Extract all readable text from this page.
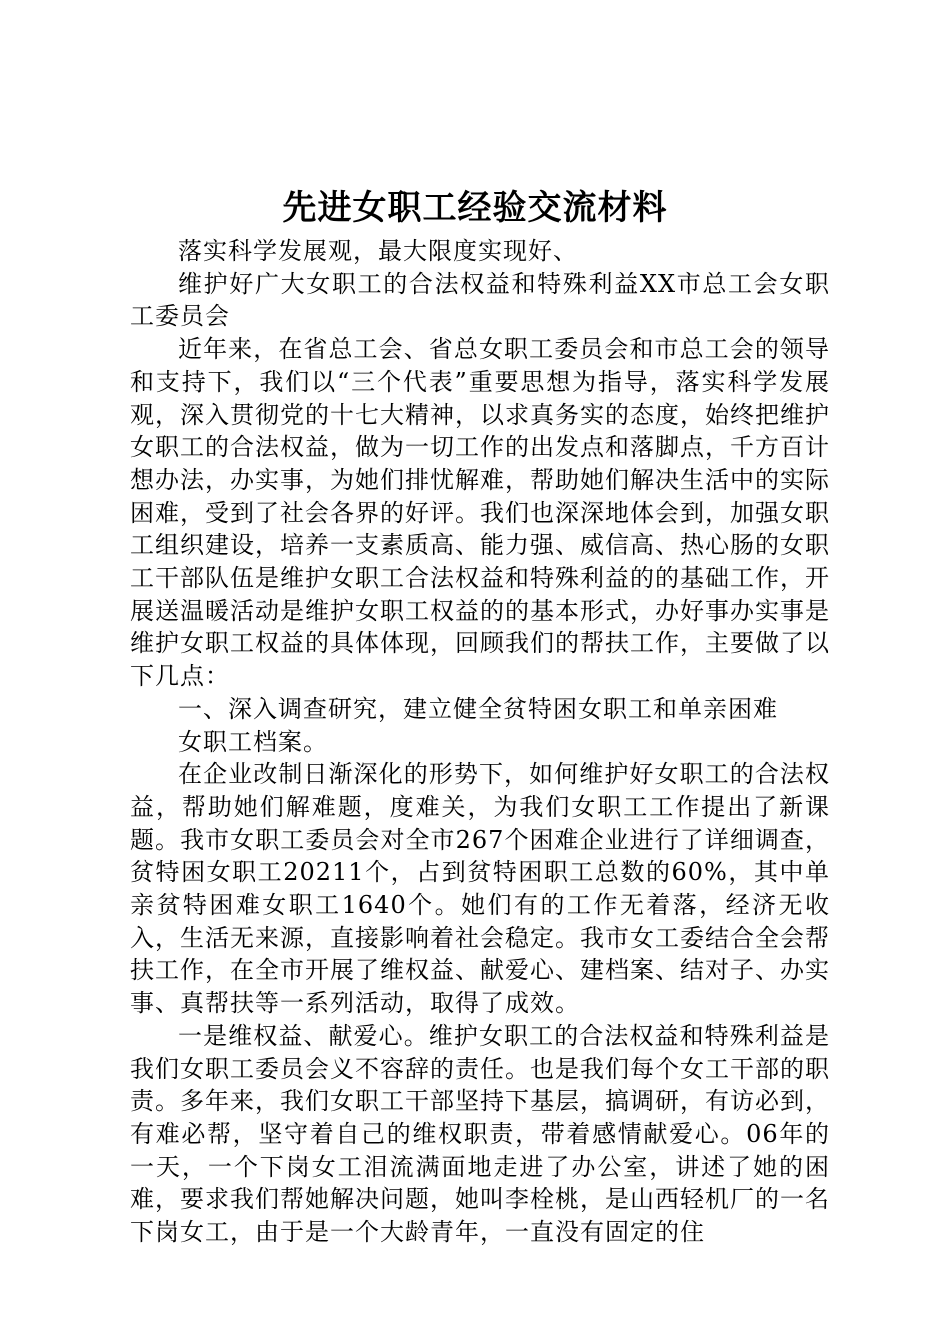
先进女职工经验交流材料

落实科学发展观，最大限度实现好、

维护好广大女职工的合法权益和特殊利益XX市总工会女职工委员会

近年来，在省总工会、省总女职工委员会和市总工会的领导和支持下，我们以“三个代表”重要思想为指导，落实科学发展观，深入贯彻党的十七大精神，以求真务实的态度，始终把维护女职工的合法权益，做为一切工作的出发点和落脚点，千方百计想办法，办实事，为她们排忧解难，帮助她们解决生活中的实际困难，受到了社会各界的好评。我们也深深地体会到，加强女职工组织建设，培养一支素质高、能力强、威信高、热心肠的女职工干部队伍是维护女职工合法权益和特殊利益的的基础工作，开展送温暖活动是维护女职工权益的的基本形式，办好事办实事是维护女职工权益的具体体现，回顾我们的帮扶工作，主要做了以下几点：

一、深入调查研究，建立健全贫特困女职工和单亲困难

女职工档案。

在企业改制日渐深化的形势下，如何维护好女职工的合法权益，帮助她们解难题，度难关，为我们女职工工作提出了新课题。我市女职工委员会对全市267个困难企业进行了详细调查，贫特困女职工20211个，占到贫特困职工总数的60%，其中单亲贫特困难女职工1640个。她们有的工作无着落，经济无收入，生活无来源，直接影响着社会稳定。我市女工委结合全会帮扶工作，在全市开展了维权益、献爱心、建档案、结对子、办实事、真帮扶等一系列活动，取得了成效。

一是维权益、献爱心。维护女职工的合法权益和特殊利益是我们女职工委员会义不容辞的责任。也是我们每个女工干部的职责。多年来，我们女职工干部坚持下基层，搞调研，有访必到，有难必帮，坚守着自己的维权职责，带着感情献爱心。06年的一天，一个下岗女工泪流满面地走进了办公室，讲述了她的困难，要求我们帮她解决问题，她叫李栓桃，是山西轻机厂的一名下岗女工，由于是一个大龄青年，一直没有固定的住
